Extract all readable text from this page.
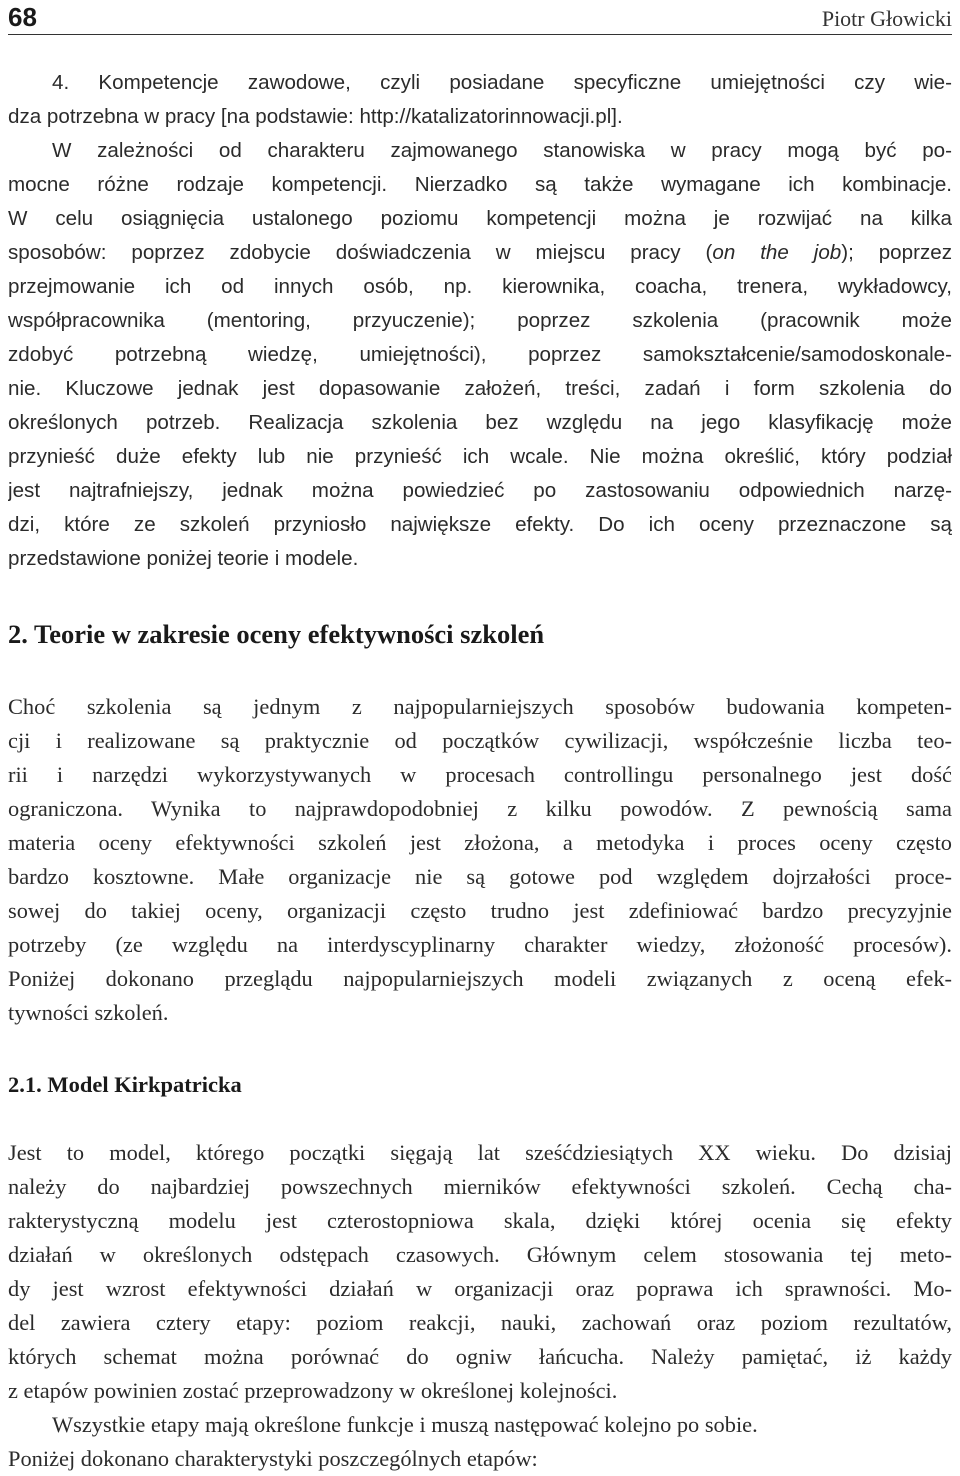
68	Piotr Głowicki
4. Kompetencje zawodowe, czyli posiadane specyficzne umiejętności czy wie-
dza potrzebna w pracy [na podstawie: http://katalizatorinnowacji.pl].
W zależności od charakteru zajmowanego stanowiska w pracy mogą być po-
mocne różne rodzaje kompetencji. Nierzadko są także wymagane ich kombinacje.
W celu osiągnięcia ustalonego poziomu kompetencji można je rozwijać na kilka
sposobów: poprzez zdobycie doświadczenia w miejscu pracy (on the job); poprzez
przejmowanie ich od innych osób, np. kierownika, coacha, trenera, wykładowcy,
współpracownika (mentoring, przyuczenie); poprzez szkolenia (pracownik może
zdobyć potrzebną wiedzę, umiejętności), poprzez samokształcenie/samodoskonale-
nie. Kluczowe jednak jest dopasowanie założeń, treści, zadań i form szkolenia do
określonych potrzeb. Realizacja szkolenia bez względu na jego klasyfikację może
przynieść duże efekty lub nie przynieść ich wcale. Nie można określić, który podział
jest najtrafniejszy, jednak można powiedzieć po zastosowaniu odpowiednich narzę-
dzi, które ze szkoleń przyniosło największe efekty. Do ich oceny przeznaczone są
przedstawione poniżej teorie i modele.
2. Teorie w zakresie oceny efektywności szkoleń
Choć szkolenia są jednym z najpopularniejszych sposobów budowania kompeten-
cji i realizowane są praktycznie od początków cywilizacji, współcześnie liczba teo-
rii i narzędzi wykorzystywanych w procesach controllingu personalnego jest dość
ograniczona. Wynika to najprawdopodobniej z kilku powodów. Z pewnością sama
materia oceny efektywności szkoleń jest złożona, a metodyka i proces oceny często
bardzo kosztowne. Małe organizacje nie są gotowe pod względem dojrzałości proce-
sowej do takiej oceny, organizacji często trudno jest zdefiniować bardzo precyzyjnie
potrzeby (ze względu na interdyscyplinarny charakter wiedzy, złożoność procesów).
Poniżej dokonano przeglądu najpopularniejszych modeli związanych z oceną efek-
tywności szkoleń.
2.1. Model Kirkpatricka
Jest to model, którego początki sięgają lat sześćdziesiątych XX wieku. Do dzisiaj
należy do najbardziej powszechnych mierników efektywności szkoleń. Cechą cha-
rakterystyczną modelu jest czterostopniowa skala, dzięki której ocenia się efekty
działań w określonych odstępach czasowych. Głównym celem stosowania tej meto-
dy jest wzrost efektywności działań w organizacji oraz poprawa ich sprawności. Mo-
del zawiera cztery etapy: poziom reakcji, nauki, zachowań oraz poziom rezultatów,
których schemat można porównać do ogniw łańcucha. Należy pamiętać, iż każdy
z etapów powinien zostać przeprowadzony w określonej kolejności.
Wszystkie etapy mają określone funkcje i muszą następować kolejno po sobie.
Poniżej dokonano charakterystyki poszczególnych etapów:
